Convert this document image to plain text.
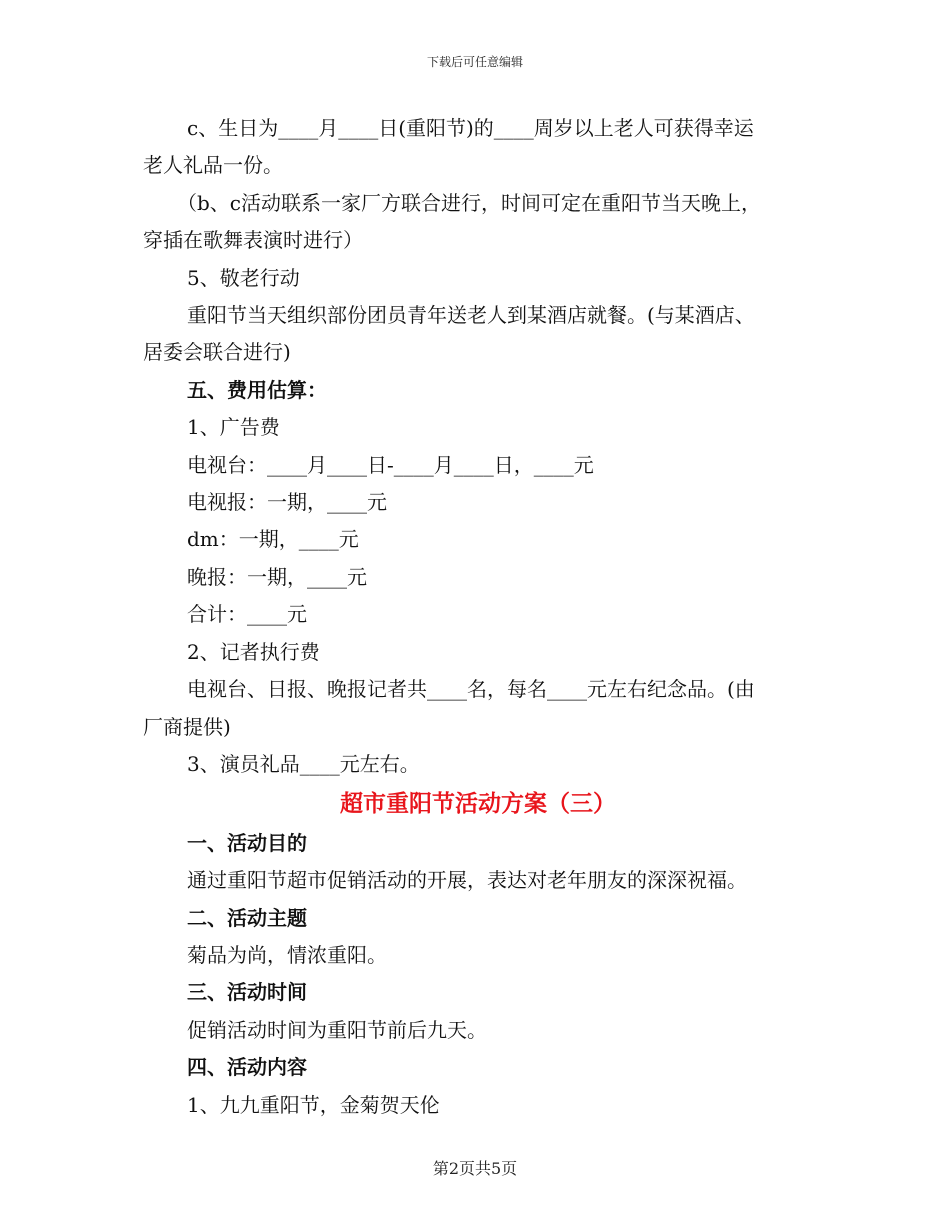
下载后可任意编辑

c、生日为____月____日(重阳节)的____周岁以上老人可获得幸运

老人礼品一份。

（b、c活动联系一家厂方联合进行，时间可定在重阳节当天晚上，

穿插在歌舞表演时进行）

5、敬老行动

重阳节当天组织部份团员青年送老人到某酒店就餐。(与某酒店、

居委会联合进行)

五、费用估算：

1、广告费

电视台：____月____日-____月____日，____元

电视报：一期，____元

dm：一期，____元

晚报：一期，____元

合计：____元

2、记者执行费

电视台、日报、晚报记者共____名，每名____元左右纪念品。(由

厂商提供)

3、演员礼品____元左右。

超市重阳节活动方案（三）

一、活动目的

通过重阳节超市促销活动的开展，表达对老年朋友的深深祝福。

二、活动主题

菊品为尚，情浓重阳。

三、活动时间

促销活动时间为重阳节前后九天。

四、活动内容

1、九九重阳节，金菊贺天伦

第2页共5页
